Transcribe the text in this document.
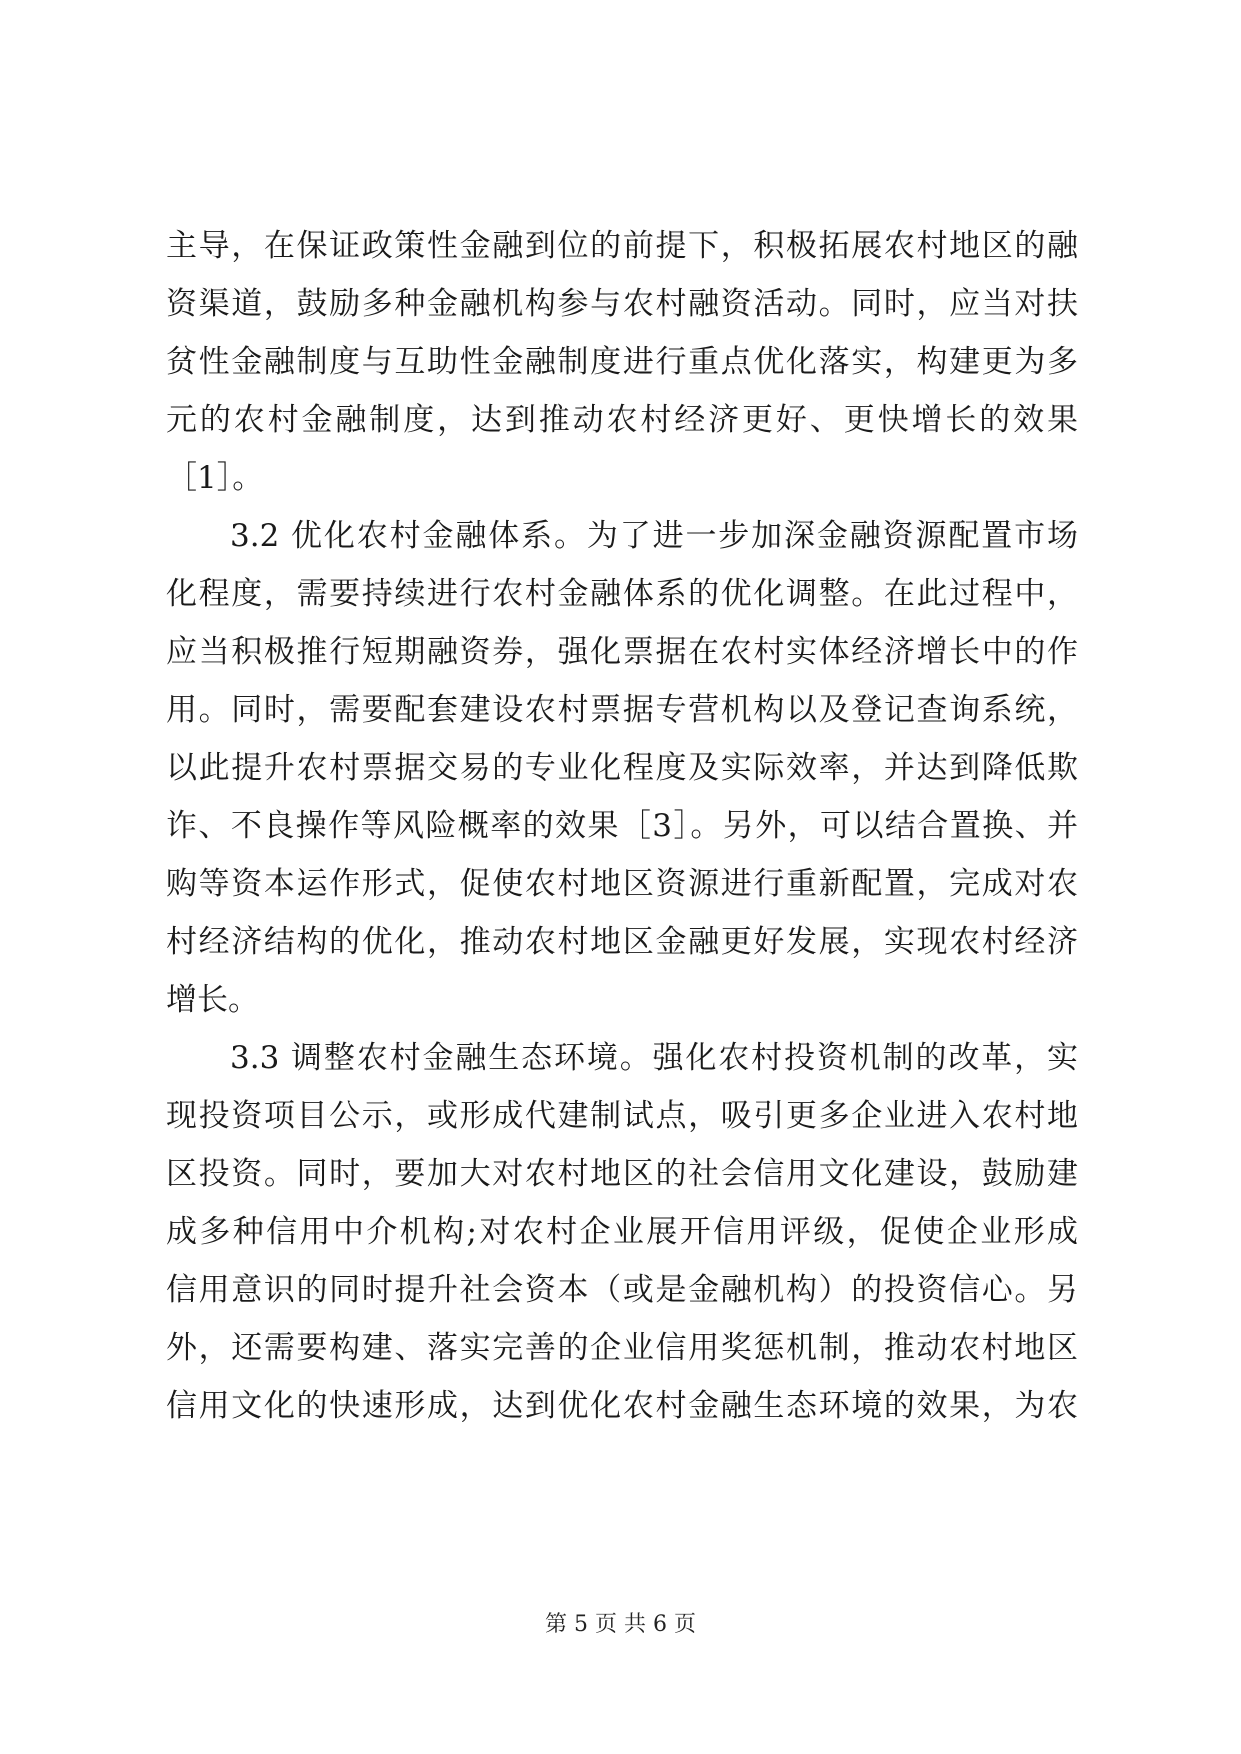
主导，在保证政策性金融到位的前提下，积极拓展农村地区的融
资渠道，鼓励多种金融机构参与农村融资活动。同时，应当对扶
贫性金融制度与互助性金融制度进行重点优化落实，构建更为多
元的农村金融制度，达到推动农村经济更好、更快增长的效果
［1］。
3.2 优化农村金融体系。为了进一步加深金融资源配置市场
化程度，需要持续进行农村金融体系的优化调整。在此过程中，
应当积极推行短期融资券，强化票据在农村实体经济增长中的作
用。同时，需要配套建设农村票据专营机构以及登记查询系统，
以此提升农村票据交易的专业化程度及实际效率，并达到降低欺
诈、不良操作等风险概率的效果［3］。另外，可以结合置换、并
购等资本运作形式，促使农村地区资源进行重新配置，完成对农
村经济结构的优化，推动农村地区金融更好发展，实现农村经济
增长。
3.3 调整农村金融生态环境。强化农村投资机制的改革，实
现投资项目公示，或形成代建制试点，吸引更多企业进入农村地
区投资。同时，要加大对农村地区的社会信用文化建设，鼓励建
成多种信用中介机构;对农村企业展开信用评级，促使企业形成
信用意识的同时提升社会资本（或是金融机构）的投资信心。另
外，还需要构建、落实完善的企业信用奖惩机制，推动农村地区
信用文化的快速形成，达到优化农村金融生态环境的效果，为农
第 5 页 共 6 页
